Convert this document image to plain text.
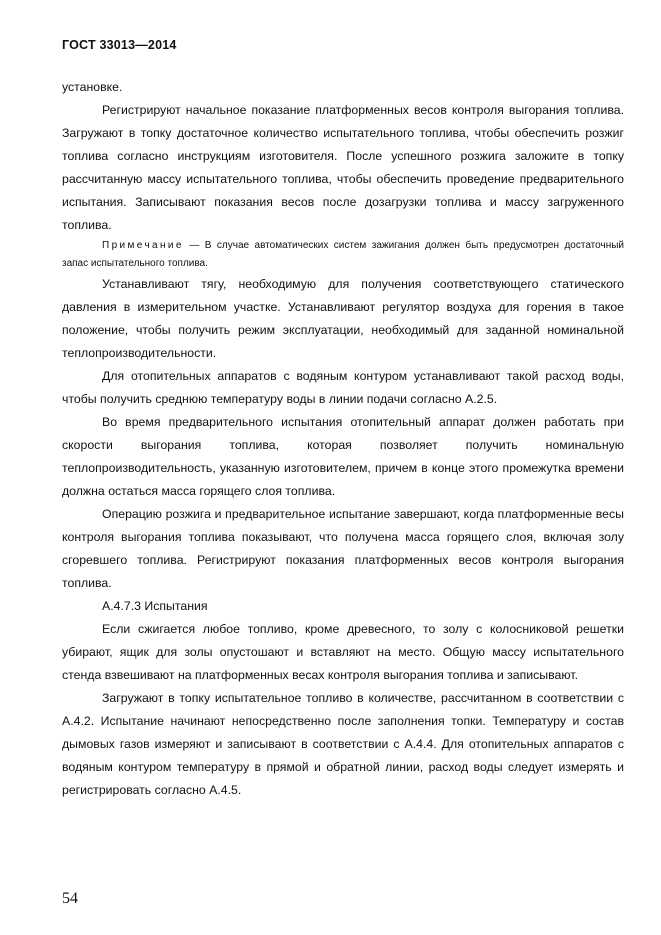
ГОСТ 33013—2014

установке.

Регистрируют начальное показание платформенных весов контроля выгорания топлива. Загружают в топку достаточное количество испытательного топлива, чтобы обеспечить розжиг топлива согласно инструкциям изготовителя. После успешного розжига заложите в топку рассчитанную массу испытательного топлива, чтобы обеспечить проведение предварительного испытания. Записывают показания весов после дозагрузки топлива и массу загруженного топлива.

Примечание — В случае автоматических систем зажигания должен быть предусмотрен достаточный запас испытательного топлива.

Устанавливают тягу, необходимую для получения соответствующего статического давления в измерительном участке. Устанавливают регулятор воздуха для горения в такое положение, чтобы получить режим эксплуатации, необходимый для заданной номинальной теплопроизводительности.

Для отопительных аппаратов с водяным контуром устанавливают такой расход воды, чтобы получить среднюю температуру воды в линии подачи согласно А.2.5.

Во время предварительного испытания отопительный аппарат должен работать при скорости выгорания топлива, которая позволяет получить номинальную теплопроизводительность, указанную изготовителем, причем в конце этого промежутка времени должна остаться масса горящего слоя топлива.

Операцию розжига и предварительное испытание завершают, когда платформенные весы контроля выгорания топлива показывают, что получена масса горящего слоя, включая золу сгоревшего топлива. Регистрируют показания платформенных весов контроля выгорания топлива.

А.4.7.3 Испытания

Если сжигается любое топливо, кроме древесного, то золу с колосниковой решетки убирают, ящик для золы опустошают и вставляют на место. Общую массу испытательного стенда взвешивают на платформенных весах контроля выгорания топлива и записывают.

Загружают в топку испытательное топливо в количестве, рассчитанном в соответствии с А.4.2. Испытание начинают непосредственно после заполнения топки. Температуру и состав дымовых газов измеряют и записывают в соответствии с А.4.4. Для отопительных аппаратов с водяным контуром температуру в прямой и обратной линии, расход воды следует измерять и регистрировать согласно А.4.5.

54
